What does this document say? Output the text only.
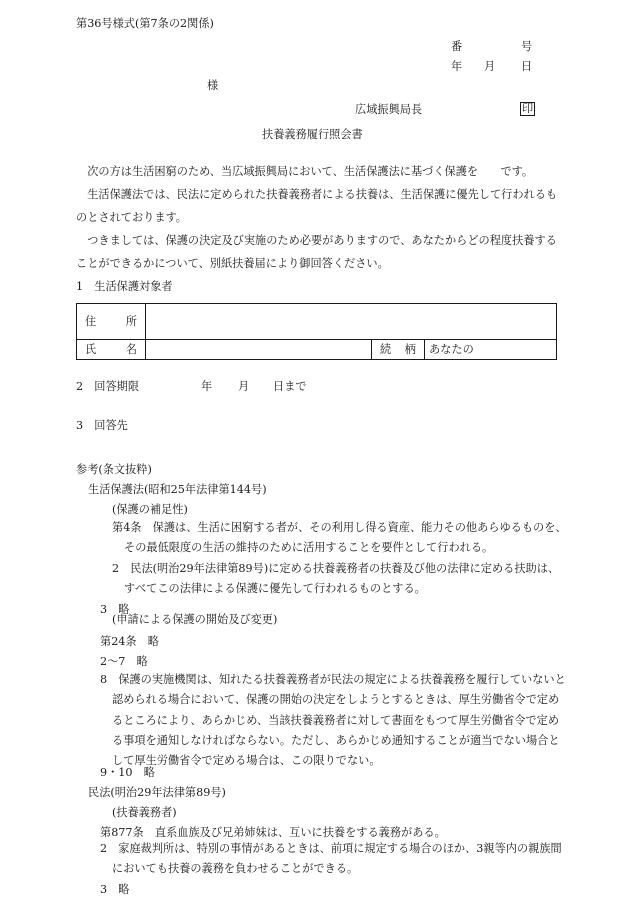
第36号様式(第7条の2関係)
番	号
年 月 日
様
広域振興局長	印
扶養義務履行照会書
次の方は生活困窮のため、当広域振興局において、生活保護法に基づく保護を　　です。
生活保護法では、民法に定められた扶養義務者による扶養は、生活保護に優先して行われるものとされております。
つきましては、保護の決定及び実施のため必要がありますので、あなたからどの程度扶養することができるかについて、別紙扶養届により御回答ください。
1　生活保護対象者
住 所			

氏 名		続 柄	あなたの
2　回答期限	年 月 日まで
3　回答先
参考(条文抜粋)
生活保護法(昭和25年法律第144号)
(保護の補足性)
第4条　保護は、生活に困窮する者が、その利用し得る資産、能力その他あらゆるものを、その最低限度の生活の維持のために活用することを要件として行われる。
2　民法(明治29年法律第89号)に定める扶養義務者の扶養及び他の法律に定める扶助は、すべてこの法律による保護に優先して行われるものとする。
3　略
(申請による保護の開始及び変更)
第24条　略
2～7　略
8　保護の実施機関は、知れたる扶養義務者が民法の規定による扶養義務を履行していないと認められる場合において、保護の開始の決定をしようとするときは、厚生労働省令で定めるところにより、あらかじめ、当該扶養義務者に対して書面をもつて厚生労働省令で定める事項を通知しなければならない。ただし、あらかじめ通知することが適当でない場合として厚生労働省令で定める場合は、この限りでない。
9・10　略
民法(明治29年法律第89号)
(扶養義務者)
第877条　直系血族及び兄弟姉妹は、互いに扶養をする義務がある。
2　家庭裁判所は、特別の事情があるときは、前項に規定する場合のほか、3親等内の親族間においても扶養の義務を負わせることができる。
3　略
